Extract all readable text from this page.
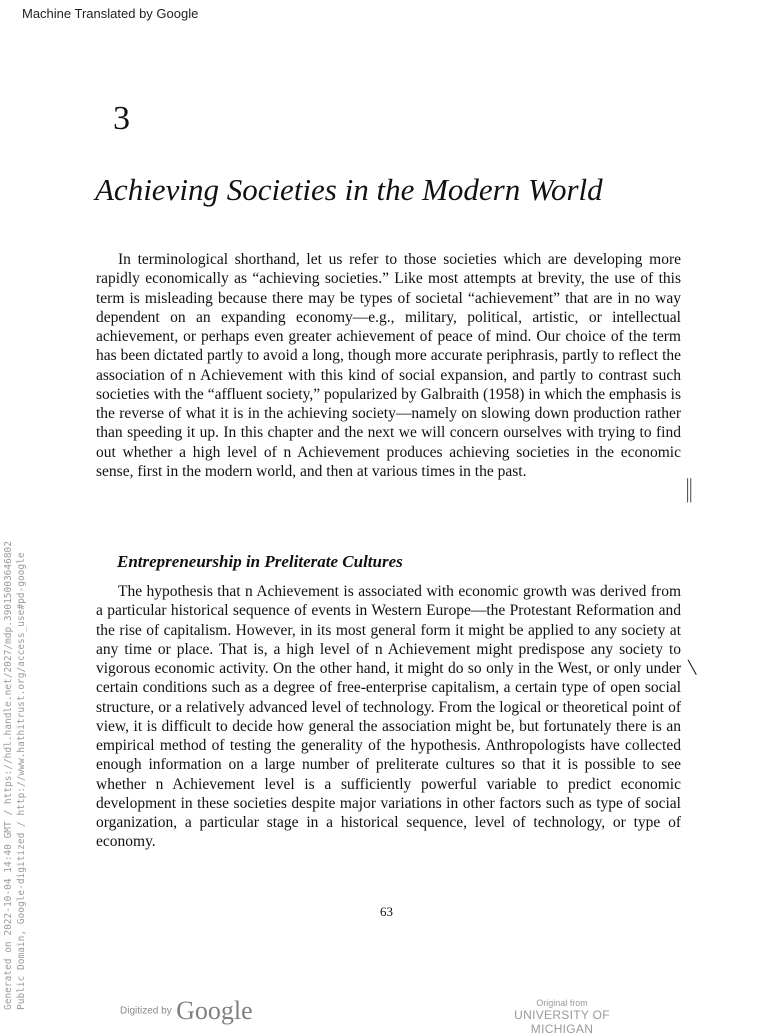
Machine Translated by Google
3
Achieving Societies in the Modern World

In terminological shorthand, let us refer to those societies which are developing more rapidly economically as “achieving societies.” Like most attempts at brevity, the use of this term is misleading because there may be types of societal “achievement” that are in no way dependent on an expanding economy—e.g., military, political, artistic, or intellectual achievement, or perhaps even greater achievement of peace of mind. Our choice of the term has been dictated partly to avoid a long, though more accurate periphrasis, partly to reflect the association of n Achievement with this kind of social expansion, and partly to contrast such societies with the “affluent society,” popularized by Galbraith (1958) in which the emphasis is the reverse of what it is in the achieving society—namely on slowing down production rather than speeding it up. In this chapter and the next we will concern ourselves with trying to find out whether a high level of n Achievement produces achieving societies in the economic sense, first in the modern world, and then at various times in the past.

Entrepreneurship in Preliterate Cultures

The hypothesis that n Achievement is associated with economic growth was derived from a particular historical sequence of events in Western Europe—the Protestant Reformation and the rise of capitalism. However, in its most general form it might be applied to any society at any time or place. That is, a high level of n Achievement might predispose any society to vigorous economic activity. On the other hand, it might do so only in the West, or only under certain conditions such as a degree of free-enterprise capitalism, a certain type of open social structure, or a relatively advanced level of technology. From the logical or theoretical point of view, it is difficult to decide how general the association might be, but fortunately there is an empirical method of testing the generality of the hypothesis. Anthropologists have collected enough information on a large number of preliterate cultures so that it is possible to see whether n Achievement level is a sufficiently powerful variable to predict economic development in these societies despite major variations in other factors such as type of social organization, a particular stage in a historical sequence, level of technology, or type of economy.

||
\
63
Generated on 2022-10-04 14:40 GMT / https://hdl.handle.net/2027/mdp.39015003646802 Public Domain, Google-digitized / http://www.hathitrust.org/access_use#pd-google
Digitized by Google	Original from
UNIVERSITY OF MICHIGAN
